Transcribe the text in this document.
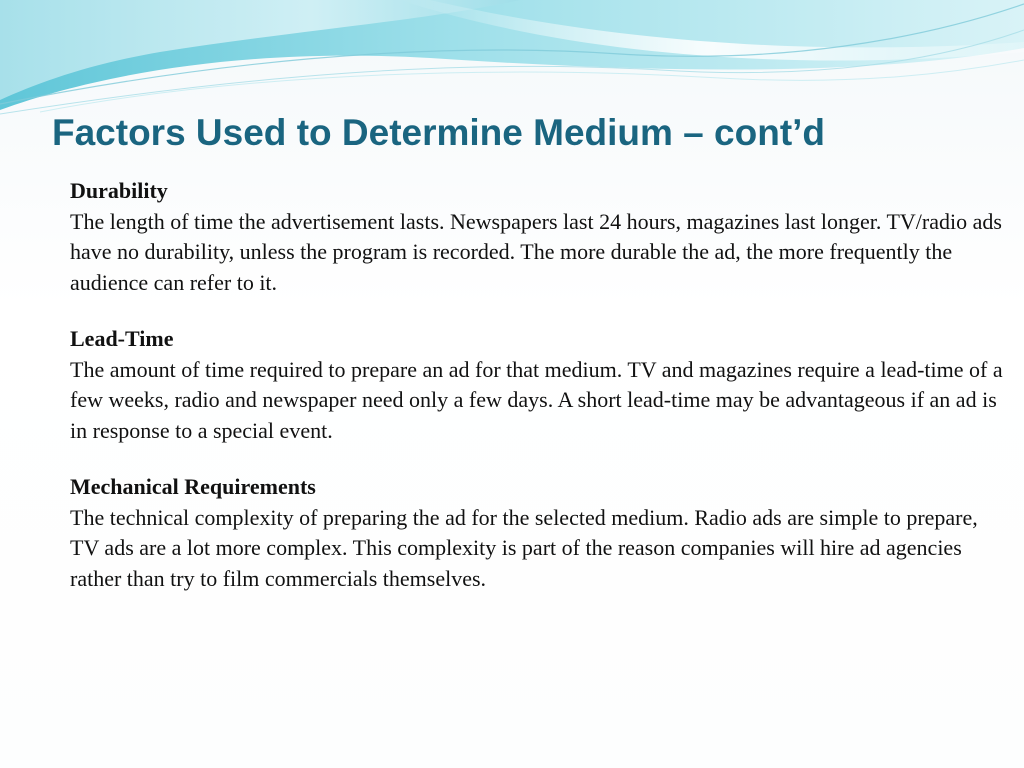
Factors Used to Determine Medium – cont’d
Durability
The length of time the advertisement lasts. Newspapers last 24 hours, magazines last longer. TV/radio ads have no durability, unless the program is recorded. The more durable the ad, the more frequently the audience can refer to it.
Lead-Time
The amount of time required to prepare an ad for that medium. TV and magazines require a lead-time of a few weeks, radio and newspaper need only a few days. A short lead-time may be advantageous if an ad is in response to a special event.
Mechanical Requirements
The technical complexity of preparing the ad for the selected medium. Radio ads are simple to prepare, TV ads are a lot more complex. This complexity is part of the reason companies will hire ad agencies rather than try to film commercials themselves.
